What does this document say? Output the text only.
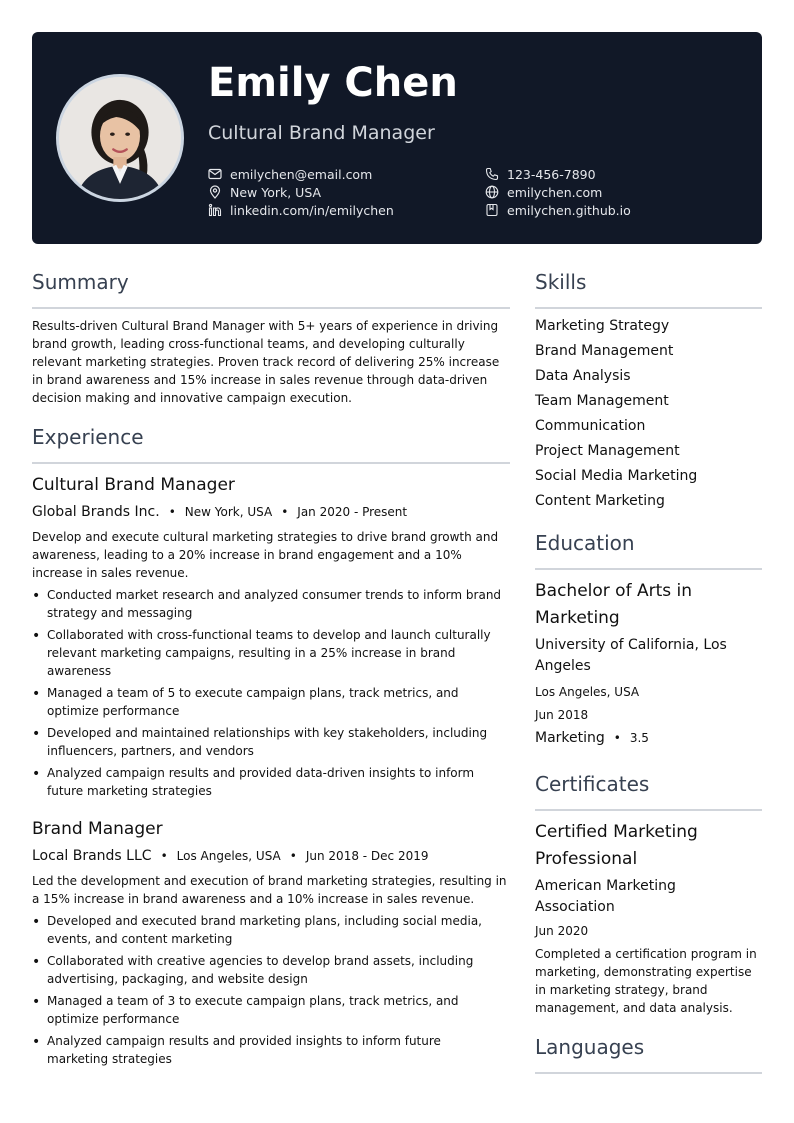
Emily Chen
Cultural Brand Manager
emilychen@email.com
New York, USA
linkedin.com/in/emilychen
123-456-7890
emilychen.com
emilychen.github.io
Summary
Results-driven Cultural Brand Manager with 5+ years of experience in driving brand growth, leading cross-functional teams, and developing culturally relevant marketing strategies. Proven track record of delivering 25% increase in brand awareness and 15% increase in sales revenue through data-driven decision making and innovative campaign execution.
Experience
Cultural Brand Manager
Global Brands Inc. • New York, USA • Jan 2020 - Present
Develop and execute cultural marketing strategies to drive brand growth and awareness, leading to a 20% increase in brand engagement and a 10% increase in sales revenue.
• Conducted market research and analyzed consumer trends to inform brand strategy and messaging
• Collaborated with cross-functional teams to develop and launch culturally relevant marketing campaigns, resulting in a 25% increase in brand awareness
• Managed a team of 5 to execute campaign plans, track metrics, and optimize performance
• Developed and maintained relationships with key stakeholders, including influencers, partners, and vendors
• Analyzed campaign results and provided data-driven insights to inform future marketing strategies
Brand Manager
Local Brands LLC • Los Angeles, USA • Jun 2018 - Dec 2019
Led the development and execution of brand marketing strategies, resulting in a 15% increase in brand awareness and a 10% increase in sales revenue.
• Developed and executed brand marketing plans, including social media, events, and content marketing
• Collaborated with creative agencies to develop brand assets, including advertising, packaging, and website design
• Managed a team of 3 to execute campaign plans, track metrics, and optimize performance
• Analyzed campaign results and provided insights to inform future marketing strategies
Skills
Marketing Strategy
Brand Management
Data Analysis
Team Management
Communication
Project Management
Social Media Marketing
Content Marketing
Education
Bachelor of Arts in Marketing
University of California, Los Angeles
Los Angeles, USA
Jun 2018
Marketing • 3.5
Certificates
Certified Marketing Professional
American Marketing Association
Jun 2020
Completed a certification program in marketing, demonstrating expertise in marketing strategy, brand management, and data analysis.
Languages
